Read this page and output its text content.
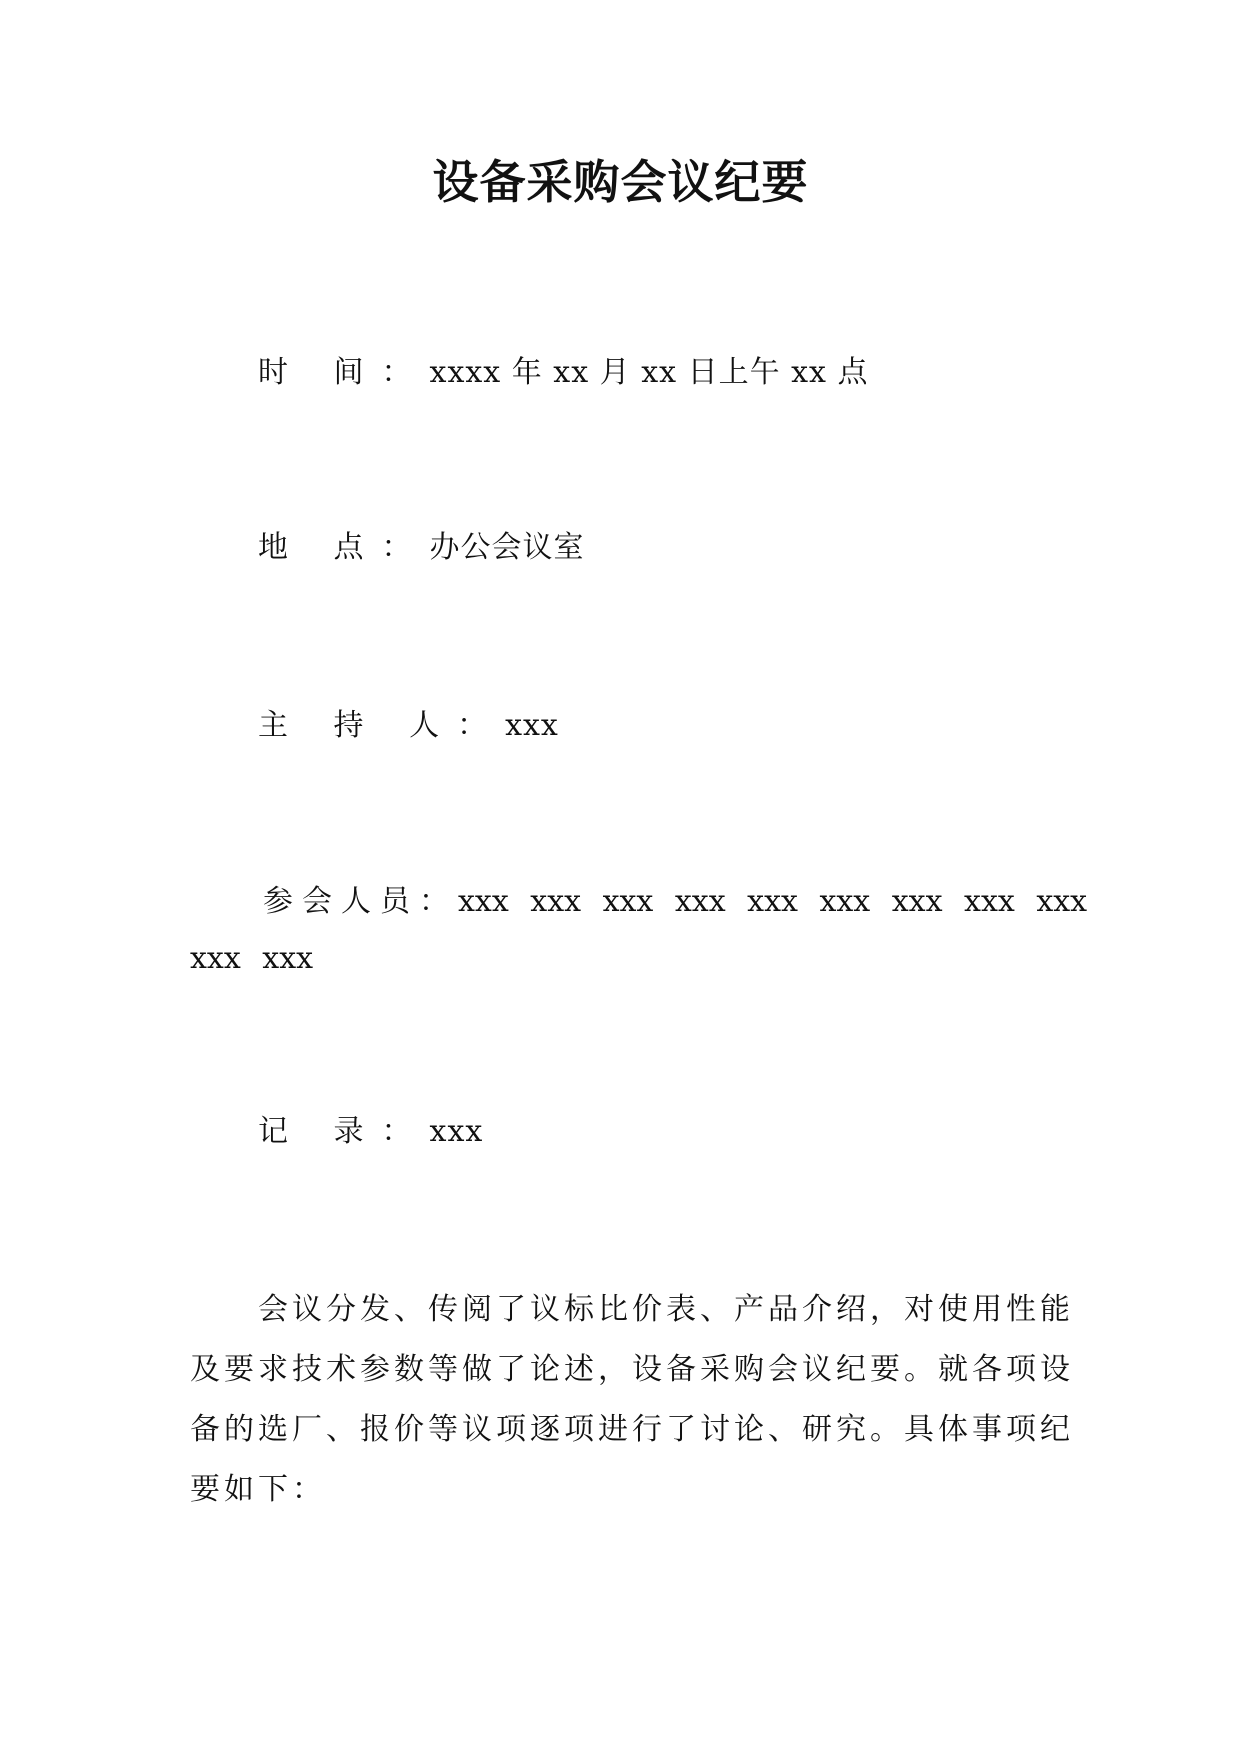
设备采购会议纪要
时 间：xxxx 年 xx 月 xx 日上午 xx 点
地 点：办公会议室
主 持 人：xxx
参会人员：xxx xxx xxx xxx xxx xxx xxx xxx xxx
xxx xxx
记 录：xxx
会议分发、传阅了议标比价表、产品介绍，对使用性能
及要求技术参数等做了论述，设备采购会议纪要。就各项设
备的选厂、报价等议项逐项进行了讨论、研究。具体事项纪
要如下：
